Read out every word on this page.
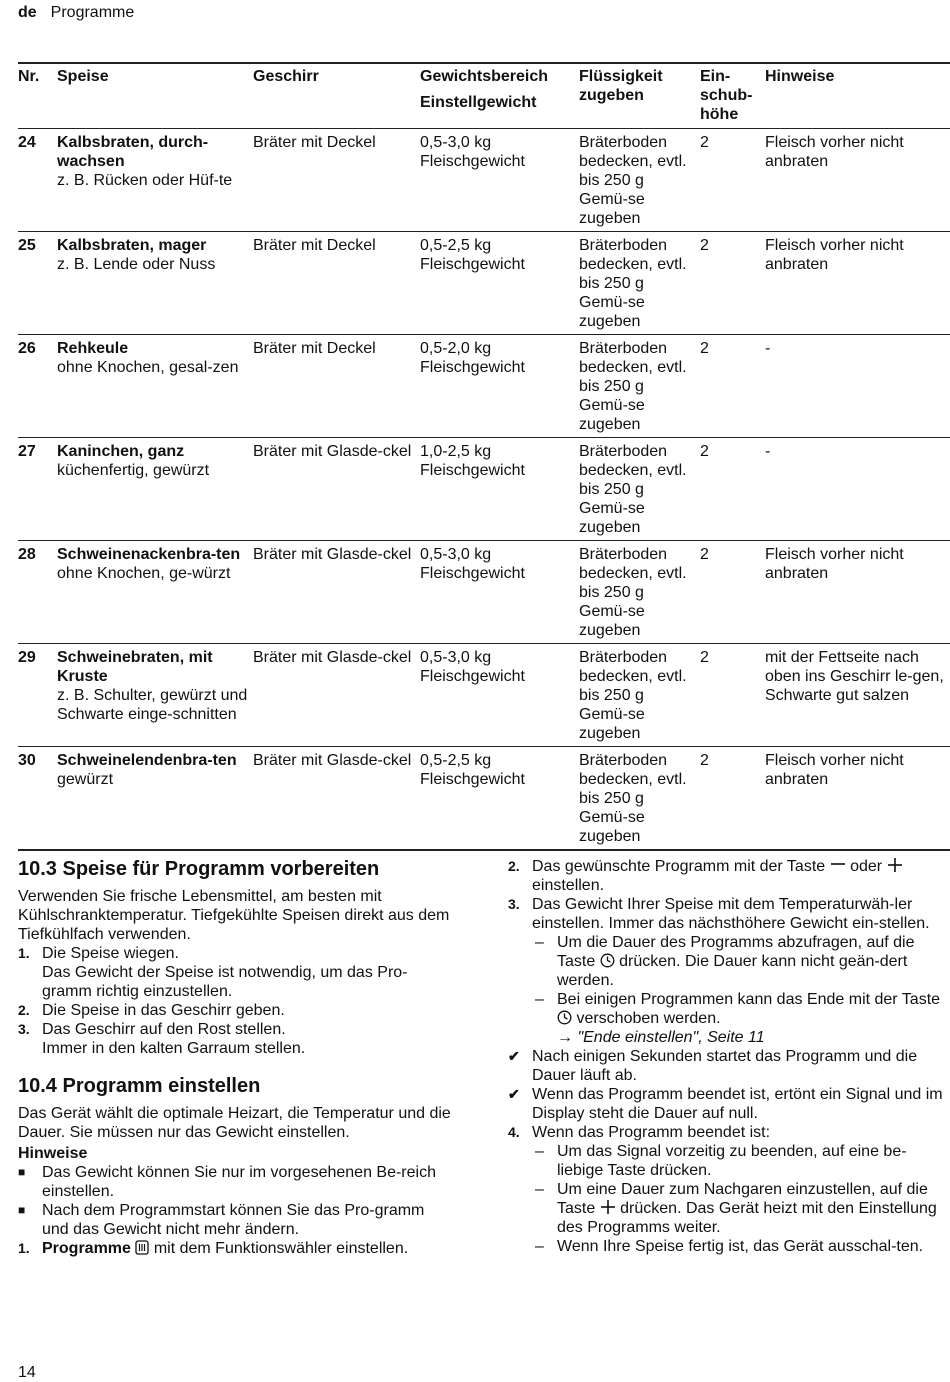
de Programme
Nr.	Speise	Geschirr	Gewichtsbereich
Einstellgewicht	Flüssigkeit zugeben	Ein-schub-höhe	Hinweise
24	Kalbsbraten, durch-wachsen
z. B. Rücken oder Hüf-te	Bräter mit Deckel	0,5-3,0 kg Fleischgewicht	Bräterboden bedecken, evtl. bis 250 g Gemü-se zugeben	2	Fleisch vorher nicht anbraten
25	Kalbsbraten, mager
z. B. Lende oder Nuss	Bräter mit Deckel	0,5-2,5 kg Fleischgewicht	Bräterboden bedecken, evtl. bis 250 g Gemü-se zugeben	2	Fleisch vorher nicht anbraten
26	Rehkeule
ohne Knochen, gesal-zen	Bräter mit Deckel	0,5-2,0 kg Fleischgewicht	Bräterboden bedecken, evtl. bis 250 g Gemü-se zugeben	2	-
27	Kaninchen, ganz
küchenfertig, gewürzt	Bräter mit Glasde-ckel	1,0-2,5 kg Fleischgewicht	Bräterboden bedecken, evtl. bis 250 g Gemü-se zugeben	2	-
28	Schweinenackenbra-ten
ohne Knochen, ge-würzt	Bräter mit Glasde-ckel	0,5-3,0 kg Fleischgewicht	Bräterboden bedecken, evtl. bis 250 g Gemü-se zugeben	2	Fleisch vorher nicht anbraten
29	Schweinebraten, mit Kruste
z. B. Schulter, gewürzt und Schwarte einge-schnitten	Bräter mit Glasde-ckel	0,5-3,0 kg Fleischgewicht	Bräterboden bedecken, evtl. bis 250 g Gemü-se zugeben	2	mit der Fettseite nach oben ins Geschirr le-gen, Schwarte gut salzen
30	Schweinelendenbra-ten
gewürzt	Bräter mit Glasde-ckel	0,5-2,5 kg Fleischgewicht	Bräterboden bedecken, evtl. bis 250 g Gemü-se zugeben	2	Fleisch vorher nicht anbraten
10.3 Speise für Programm vorbereiten

Verwenden Sie frische Lebensmittel, am besten mit Kühlschranktemperatur. Tiefgekühlte Speisen direkt aus dem Tiefkühlfach verwenden.

1. Die Speise wiegen.
Das Gewicht der Speise ist notwendig, um das Pro-gramm richtig einzustellen.
2. Die Speise in das Geschirr geben.
3. Das Geschirr auf den Rost stellen.
Immer in den kalten Garraum stellen.
10.4 Programm einstellen

Das Gerät wählt die optimale Heizart, die Temperatur und die Dauer. Sie müssen nur das Gewicht einstellen.

Hinweise

■ Das Gewicht können Sie nur im vorgesehenen Be-reich einstellen.
■ Nach dem Programmstart können Sie das Pro-gramm und das Gewicht nicht mehr ändern.
1. Programme mit dem Funktionswähler einstellen.
2. Das gewünschte Programm mit der Taste oder  einstellen.
3. Das Gewicht Ihrer Speise mit dem Temperaturwäh-ler einstellen. Immer das nächsthöhere Gewicht ein-stellen.
– Um die Dauer des Programms abzufragen, auf die Taste drücken. Die Dauer kann nicht geän-dert werden.
– Bei einigen Programmen kann das Ende mit der Taste  verschoben werden.
→ "Ende einstellen", Seite 11
✔ Nach einigen Sekunden startet das Programm und die Dauer läuft ab.
✔ Wenn das Programm beendet ist, ertönt ein Signal und im Display steht die Dauer auf null.
4. Wenn das Programm beendet ist:
– Um das Signal vorzeitig zu beenden, auf eine be-liebige Taste drücken.
– Um eine Dauer zum Nachgaren einzustellen, auf die Taste drücken. Das Gerät heizt mit den Einstellung des Programms weiter.
– Wenn Ihre Speise fertig ist, das Gerät ausschal-ten.
14
